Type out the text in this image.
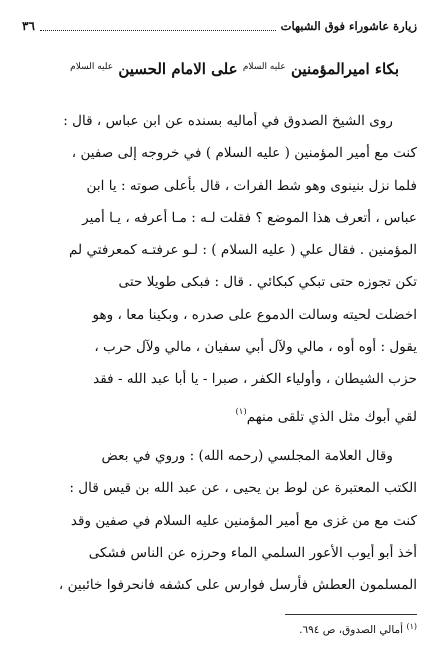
زيارة عاشوراء فوق الشبهات
٣٦
بكاء اميرالمؤمنين $^{عليه السلام}$ على الامام الحسين $^{عليه السلام}$
روى الشيخ الصدوق في أماليه بسنده عن ابن عباس ، قال :
كنت مع أمير المؤمنين ( عليه السلام ) في خروجه إلى صفين ،
فلما نزل بنينوى وهو شط الفرات ، قال بأعلى صوته : يا ابن
عباس ، أتعرف هذا الموضع ؟ فقلت لـه : مـا أعرفه ، يـا أمير
المؤمنين . فقال علي ( عليه السلام ) : لـو عرفتـه كمعرفتي لم
تكن تجوزه حتى تبكي كبكائي . قال : فبكى طويلا حتى
اخضلت لحيته وسالت الدموع على صدره ، وبكينا معا ، وهو
يقول : أوه أوه ، مالي ولآل أبي سفيان ، مالي ولآل حرب ،
حزب الشيطان ، وأولياء الكفر ، صبرا - يا أبا عبد الله - فقد
لقي أبوك مثل الذي تلقى منهم$^{(١)}$
وقال العلامة المجلسي (رحمه الله) : وروي في بعض
الكتب المعتبرة عن لوط بن يحيى ، عن عبد الله بن قيس قال :
كنت مع من غزى مع أمير المؤمنين عليه السلام في صفين وقد
أخذ أبو أيوب الأعور السلمي الماء وحرزه عن الناس فشكى
المسلمون العطش فأرسل فوارس على كشفه فانحرفوا خائبين ،
$^{(١)}$ أمالي الصدوق، ص ٦٩٤.
